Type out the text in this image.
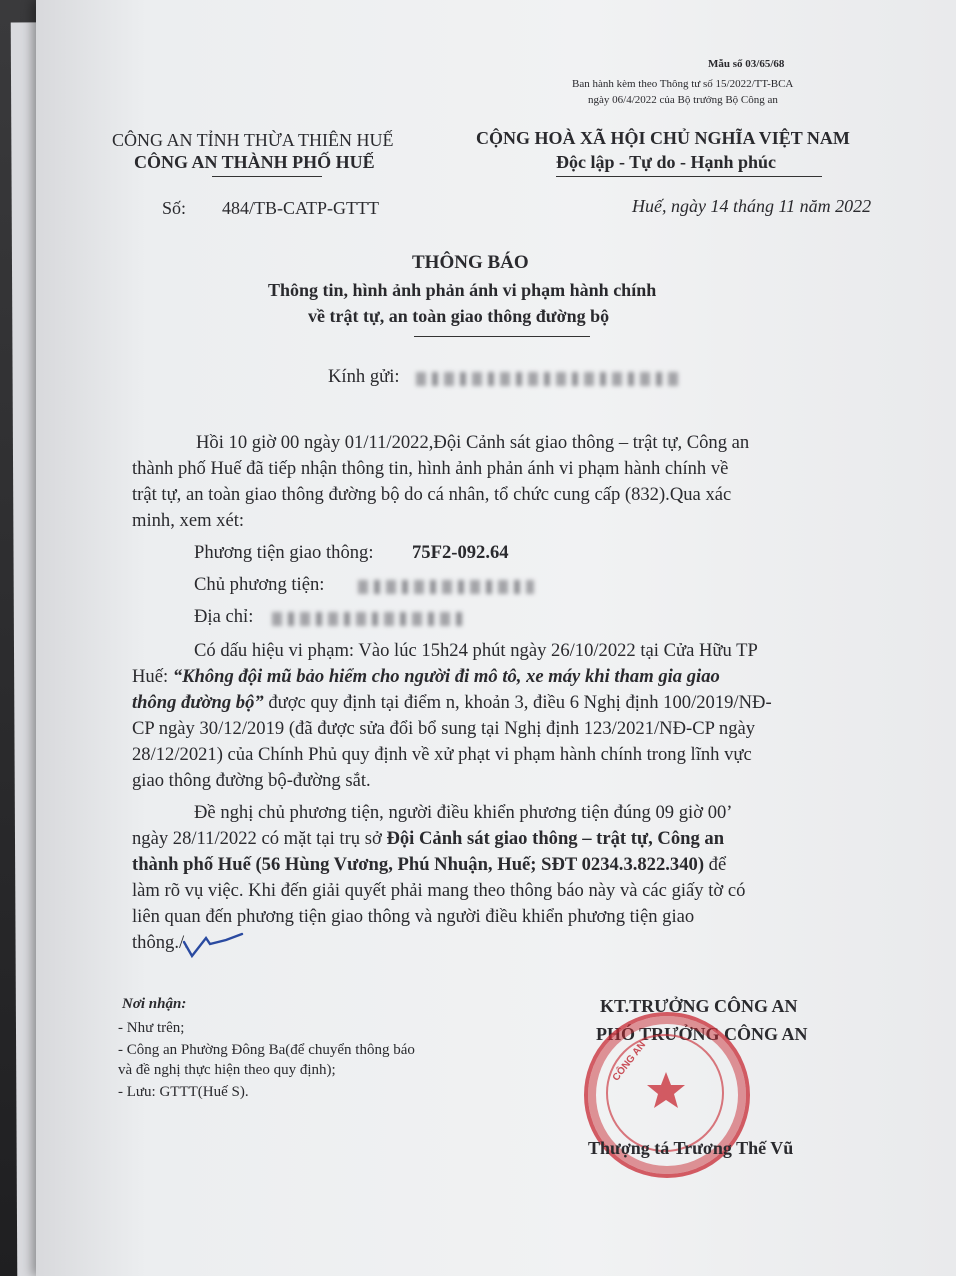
Mẫu số 03/65/68
Ban hành kèm theo Thông tư số 15/2022/TT-BCA
ngày 06/4/2022 của Bộ trưởng Bộ Công an
CÔNG AN TỈNH THỪA THIÊN HUẾ
CÔNG AN THÀNH PHỐ HUẾ
CỘNG HOÀ XÃ HỘI CHỦ NGHĨA VIỆT NAM
Độc lập - Tự do - Hạnh phúc
Số: 484/TB-CATP-GTTT	Huế, ngày 14 tháng 11 năm 2022
THÔNG BÁO
Thông tin, hình ảnh phản ánh vi phạm hành chính
về trật tự, an toàn giao thông đường bộ
Kính gửi:
Hồi 10 giờ 00 ngày 01/11/2022,Đội Cảnh sát giao thông – trật tự, Công an
thành phố Huế đã tiếp nhận thông tin, hình ảnh phản ánh vi phạm hành chính về
trật tự, an toàn giao thông đường bộ do cá nhân, tổ chức cung cấp (832).Qua xác
minh, xem xét:
Phương tiện giao thông: 75F2-092.64
Chủ phương tiện:
Địa chỉ:
Có dấu hiệu vi phạm: Vào lúc 15h24 phút ngày 26/10/2022 tại Cửa Hữu TP
Huế: “Không đội mũ bảo hiểm cho người đi mô tô, xe máy khi tham gia giao
thông đường bộ” được quy định tại điểm n, khoản 3, điều 6 Nghị định 100/2019/NĐ-
CP ngày 30/12/2019 (đã được sửa đổi bổ sung tại Nghị định 123/2021/NĐ-CP ngày
28/12/2021) của Chính Phủ quy định về xử phạt vi phạm hành chính trong lĩnh vực
giao thông đường bộ-đường sắt.
Đề nghị chủ phương tiện, người điều khiển phương tiện đúng 09 giờ 00’
ngày 28/11/2022 có mặt tại trụ sở Đội Cảnh sát giao thông – trật tự, Công an
thành phố Huế (56 Hùng Vương, Phú Nhuận, Huế; SĐT 0234.3.822.340) để
làm rõ vụ việc. Khi đến giải quyết phải mang theo thông báo này và các giấy tờ có
liên quan đến phương tiện giao thông và người điều khiển phương tiện giao
thông./.
Nơi nhận:
- Như trên;
- Công an Phường Đông Ba(để chuyển thông báo
và đề nghị thực hiện theo quy định);
- Lưu: GTTT(Huế S).
KT.TRƯỞNG CÔNG AN
PHÓ TRƯỞNG CÔNG AN
CÔNG AN
Thượng tá Trương Thế Vũ
